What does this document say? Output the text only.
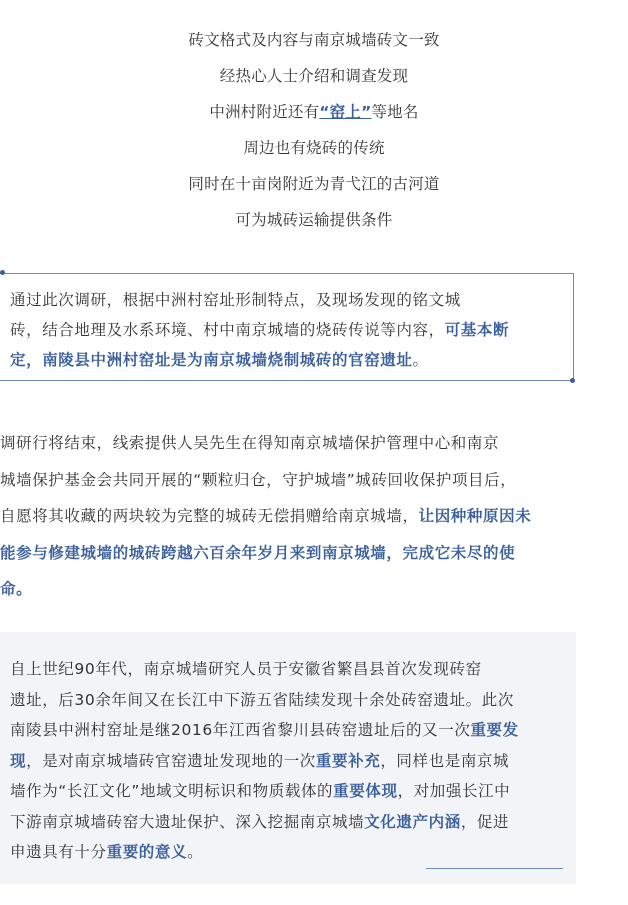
砖文格式及内容与南京城墙砖文一致
经热心人士介绍和调查发现
中洲村附近还有“窑上”等地名
周边也有烧砖的传统
同时在十亩岗附近为青弋江的古河道
可为城砖运输提供条件
通过此次调研，根据中洲村窑址形制特点，及现场发现的铭文城
砖，结合地理及水系环境、村中南京城墙的烧砖传说等内容，可基本断
定，南陵县中洲村窑址是为南京城墙烧制城砖的官窑遗址。
调研行将结束，线索提供人吴先生在得知南京城墙保护管理中心和南京
城墙保护基金会共同开展的“颗粒归仓，守护城墙”城砖回收保护项目后，
自愿将其收藏的两块较为完整的城砖无偿捐赠给南京城墙，让因种种原因未
能参与修建城墙的城砖跨越六百余年岁月来到南京城墙，完成它未尽的使
命。
自上世纪90年代，南京城墙研究人员于安徽省繁昌县首次发现砖窑
遗址，后30余年间又在长江中下游五省陆续发现十余处砖窑遗址。此次
南陵县中洲村窑址是继2016年江西省黎川县砖窑遗址后的又一次重要发
现，是对南京城墙砖官窑遗址发现地的一次重要补充，同样也是南京城
墙作为“长江文化”地域文明标识和物质载体的重要体现，对加强长江中
下游南京城墙砖窑大遗址保护、深入挖掘南京城墙文化遗产内涵，促进
申遗具有十分重要的意义。
